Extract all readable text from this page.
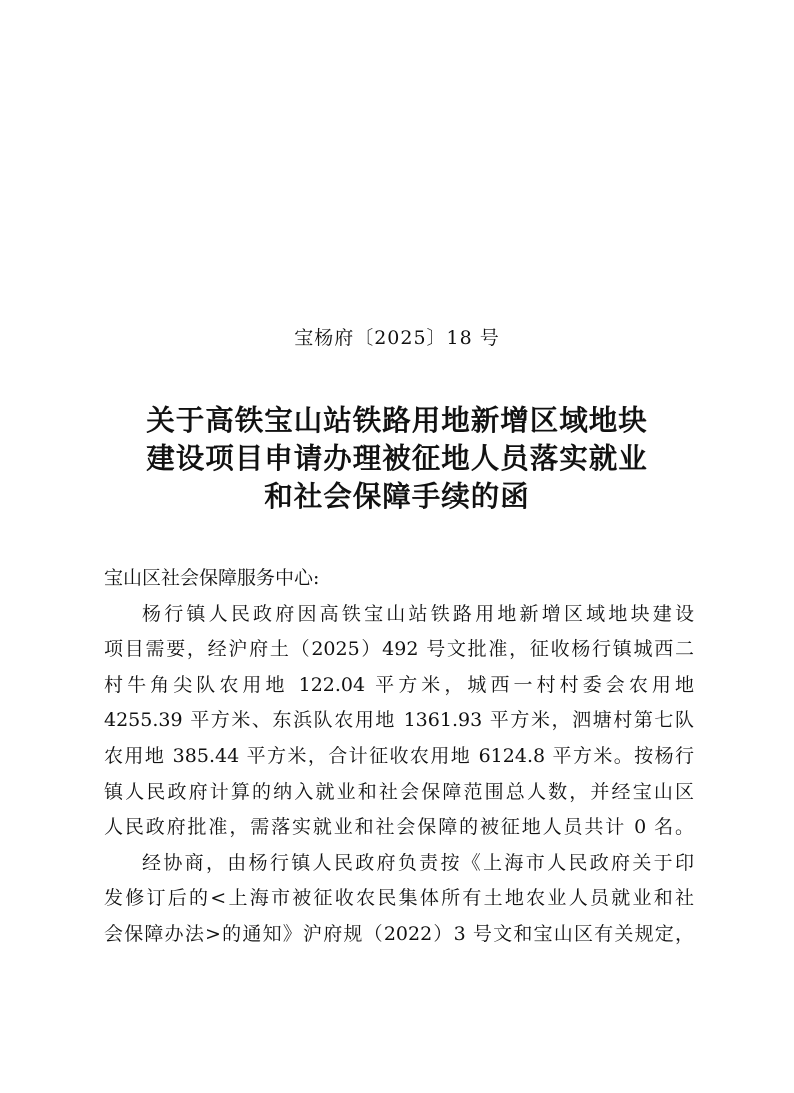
宝杨府〔2025〕18 号
关于高铁宝山站铁路用地新增区域地块
建设项目申请办理被征地人员落实就业
和社会保障手续的函
宝山区社会保障服务中心:
杨行镇人民政府因高铁宝山站铁路用地新增区域地块建设
项目需要，经沪府土（2025）492 号文批准，征收杨行镇城西二
村牛角尖队农用地 122.04 平方米，城西一村村委会农用地
4255.39 平方米、东浜队农用地 1361.93 平方米，泗塘村第七队
农用地 385.44 平方米，合计征收农用地 6124.8 平方米。按杨行
镇人民政府计算的纳入就业和社会保障范围总人数，并经宝山区
人民政府批准，需落实就业和社会保障的被征地人员共计 0 名。
经协商，由杨行镇人民政府负责按《上海市人民政府关于印
发修订后的<上海市被征收农民集体所有土地农业人员就业和社
会保障办法>的通知》沪府规（2022）3 号文和宝山区有关规定，
